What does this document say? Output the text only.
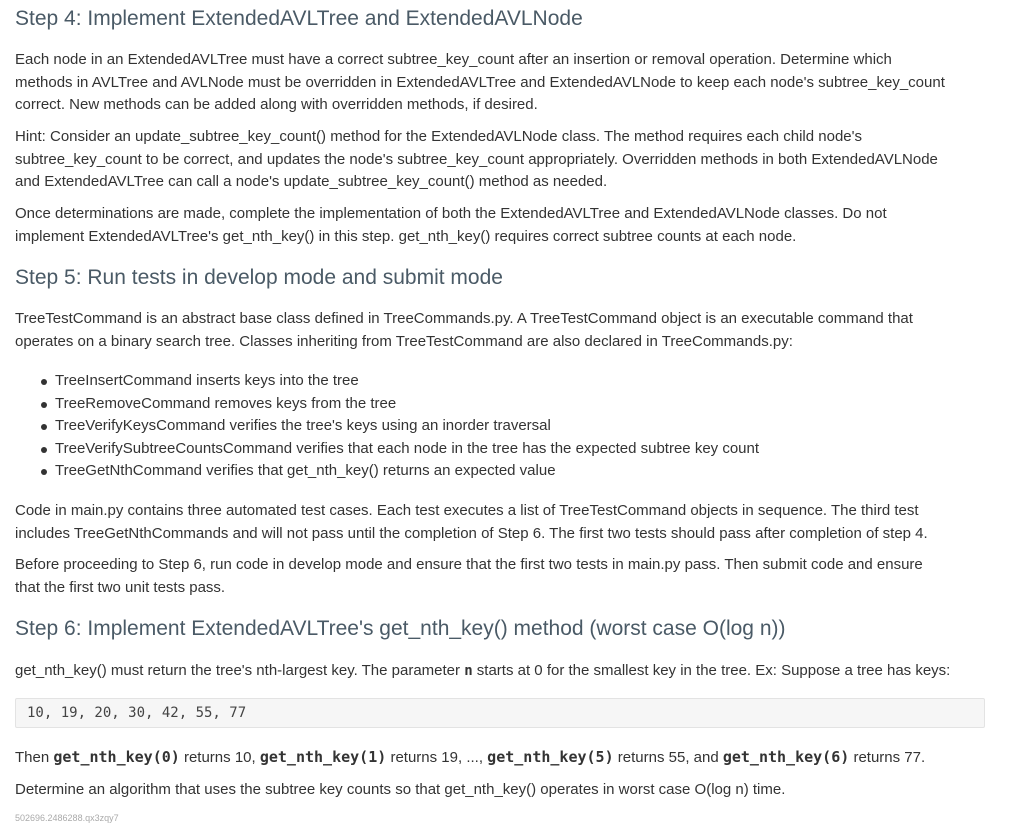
Step 4: Implement ExtendedAVLTree and ExtendedAVLNode

Each node in an ExtendedAVLTree must have a correct subtree_key_count after an insertion or removal operation. Determine which

methods in AVLTree and AVLNode must be overridden in ExtendedAVLTree and ExtendedAVLNode to keep each node's subtree_key_count

correct. New methods can be added along with overridden methods, if desired.

Hint: Consider an update_subtree_key_count() method for the ExtendedAVLNode class. The method requires each child node's

subtree_key_count to be correct, and updates the node's subtree_key_count appropriately. Overridden methods in both ExtendedAVLNode

and ExtendedAVLTree can call a node's update_subtree_key_count() method as needed.

Once determinations are made, complete the implementation of both the ExtendedAVLTree and ExtendedAVLNode classes. Do not

implement ExtendedAVLTree's get_nth_key() in this step. get_nth_key() requires correct subtree counts at each node.

Step 5: Run tests in develop mode and submit mode

TreeTestCommand is an abstract base class defined in TreeCommands.py. A TreeTestCommand object is an executable command that

operates on a binary search tree. Classes inheriting from TreeTestCommand are also declared in TreeCommands.py:

TreeInsertCommand inserts keys into the tree
TreeRemoveCommand removes keys from the tree
TreeVerifyKeysCommand verifies the tree's keys using an inorder traversal
TreeVerifySubtreeCountsCommand verifies that each node in the tree has the expected subtree key count
TreeGetNthCommand verifies that get_nth_key() returns an expected value

Code in main.py contains three automated test cases. Each test executes a list of TreeTestCommand objects in sequence. The third test

includes TreeGetNthCommands and will not pass until the completion of Step 6. The first two tests should pass after completion of step 4.

Before proceeding to Step 6, run code in develop mode and ensure that the first two tests in main.py pass. Then submit code and ensure

that the first two unit tests pass.

Step 6: Implement ExtendedAVLTree's get_nth_key() method (worst case O(log n))

get_nth_key() must return the tree's nth-largest key. The parameter n starts at 0 for the smallest key in the tree. Ex: Suppose a tree has keys:

10, 19, 20, 30, 42, 55, 77

Then get_nth_key(0) returns 10, get_nth_key(1) returns 19, ..., get_nth_key(5) returns 55, and get_nth_key(6) returns 77.

Determine an algorithm that uses the subtree key counts so that get_nth_key() operates in worst case O(log n) time.

502696.2486288.qx3zqy7
